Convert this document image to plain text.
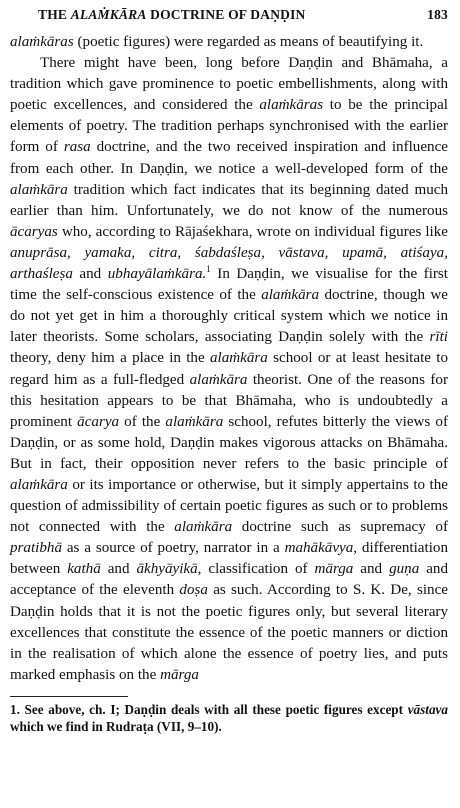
THE ALAṀKĀRA DOCTRINE OF DAṆḌIN	183

alaṁkāras (poetic figures) were regarded as means of beautifying it.

There might have been, long before Daṇḍin and Bhāmaha, a tradition which gave prominence to poetic embellishments, along with poetic excellences, and considered the alaṁkāras to be the principal elements of poetry. The tradition perhaps synchronised with the earlier form of rasa doctrine, and the two received inspiration and influence from each other. In Daṇḍin, we notice a well-developed form of the alaṁkāra tradition which fact indicates that its beginning dated much earlier than him. Unfortunately, we do not know of the numerous ācaryas who, according to Rājaśekhara, wrote on individual figures like anuprāsa, yamaka, citra, śabdaśleṣa, vāstava, upamā, atiśaya, arthaśleṣa and ubhayālaṁkāra.$^1$ In Daṇḍin, we visualise for the first time the self-conscious existence of the alaṁkāra doctrine, though we do not yet get in him a thoroughly critical system which we notice in later theorists. Some scholars, associating Daṇḍin solely with the rīti theory, deny him a place in the alaṁkāra school or at least hesitate to regard him as a full-fledged alaṁkāra theorist. One of the reasons for this hesitation appears to be that Bhāmaha, who is undoubtedly a prominent ācarya of the alaṁkāra school, refutes bitterly the views of Daṇḍin, or as some hold, Daṇḍin makes vigorous attacks on Bhāmaha. But in fact, their opposition never refers to the basic principle of alaṁkāra or its importance or otherwise, but it simply appertains to the question of admissibility of certain poetic figures as such or to problems not connected with the alaṁkāra doctrine such as supremacy of pratibhā as a source of poetry, narrator in a mahākāvya, differentiation between kathā and ākhyāyikā, classification of mārga and guṇa and acceptance of the eleventh doṣa as such. According to S. K. De, since Daṇḍin holds that it is not the poetic figures only, but several literary excellences that constitute the essence of the poetic manners or diction in the realisation of which alone the essence of poetry lies, and puts marked emphasis on the mārga

1. See above, ch. I; Daṇḍin deals with all these poetic figures except vāstava which we find in Rudraṭa (VII, 9–10).
